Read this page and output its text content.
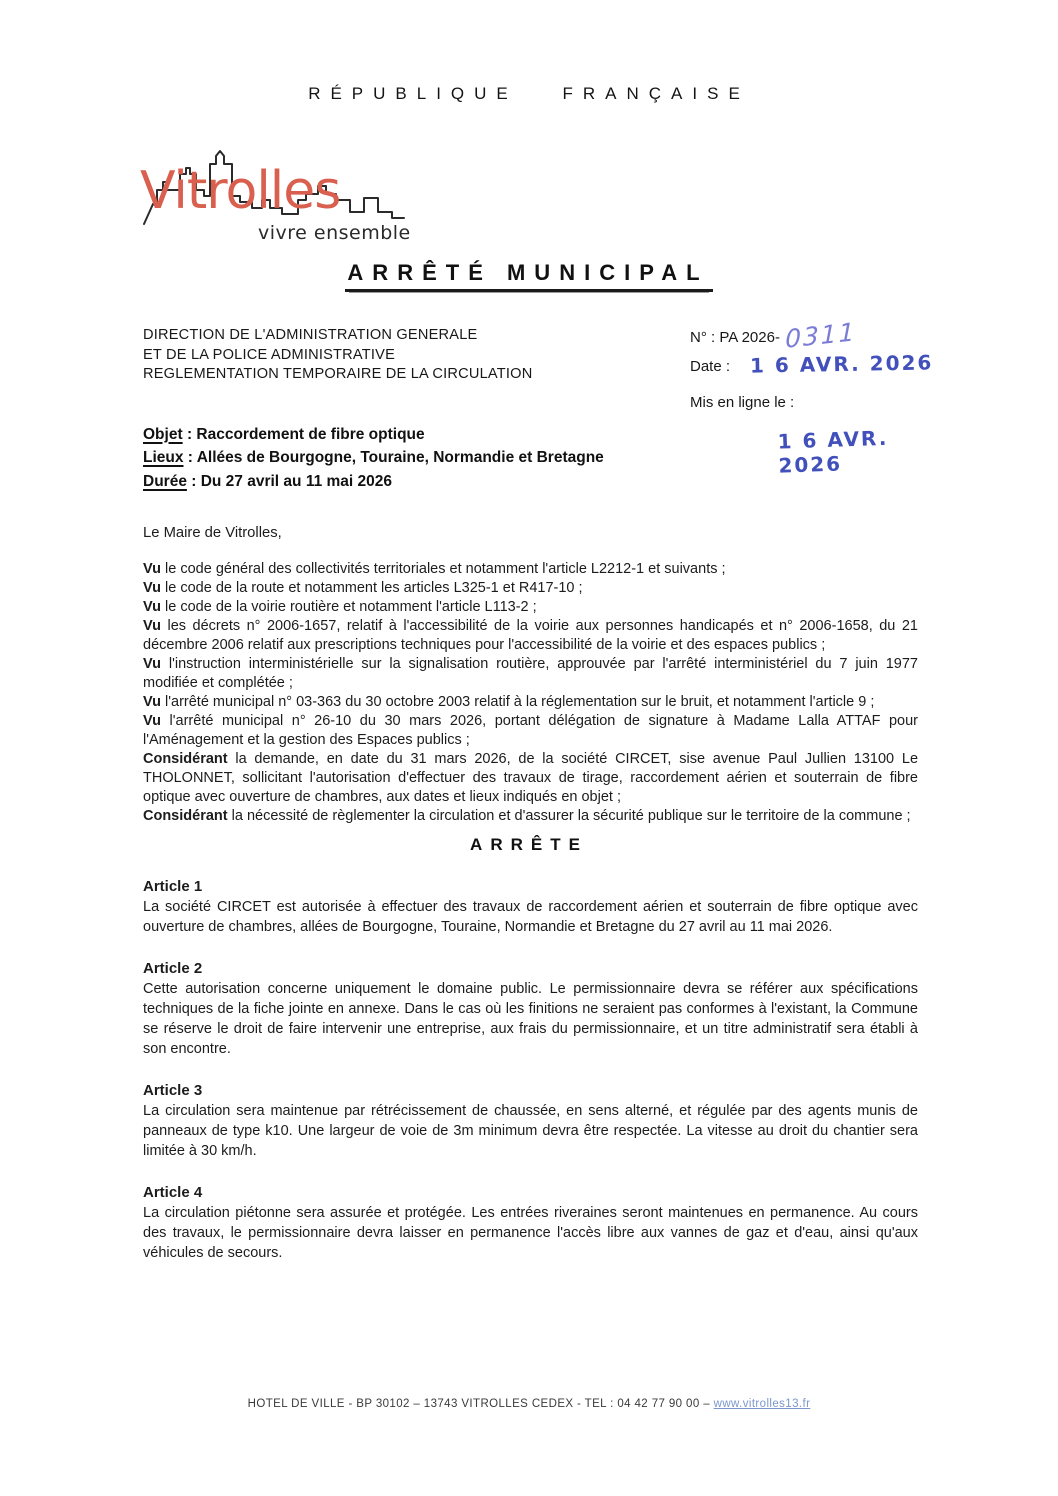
RÉPUBLIQUE FRANÇAISE
Vitrolles
vivre ensemble
ARRÊTÉ MUNICIPAL
DIRECTION DE L'ADMINISTRATION GENERALE
ET DE LA POLICE ADMINISTRATIVE
REGLEMENTATION TEMPORAIRE DE LA CIRCULATION
N° : PA 2026- 0311
Date : 1 6 AVR. 2026
Mis en ligne le :
1 6 AVR. 2026
Objet : Raccordement de fibre optique
Lieux : Allées de Bourgogne, Touraine, Normandie et Bretagne
Durée : Du 27 avril au 11 mai 2026

Le Maire de Vitrolles,

Vu le code général des collectivités territoriales et notamment l'article L2212-1 et suivants ;

Vu le code de la route et notamment les articles L325-1 et R417-10 ;

Vu le code de la voirie routière et notamment l'article L113-2 ;

Vu les décrets n° 2006-1657, relatif à l'accessibilité de la voirie aux personnes handicapés et n° 2006-1658, du 21 décembre 2006 relatif aux prescriptions techniques pour l'accessibilité de la voirie et des espaces publics ;

Vu l'instruction interministérielle sur la signalisation routière, approuvée par l'arrêté interministériel du 7 juin 1977 modifiée et complétée ;

Vu l'arrêté municipal n° 03-363 du 30 octobre 2003 relatif à la réglementation sur le bruit, et notamment l'article 9 ;

Vu l'arrêté municipal n° 26-10 du 30 mars 2026, portant délégation de signature à Madame Lalla ATTAF pour l'Aménagement et la gestion des Espaces publics ;

Considérant la demande, en date du 31 mars 2026, de la société CIRCET, sise avenue Paul Jullien 13100 Le THOLONNET, sollicitant l'autorisation d'effectuer des travaux de tirage, raccordement aérien et souterrain de fibre optique avec ouverture de chambres, aux dates et lieux indiqués en objet ;

Considérant la nécessité de règlementer la circulation et d'assurer la sécurité publique sur le territoire de la commune ;

ARRÊTE
Article 1

La société CIRCET est autorisée à effectuer des travaux de raccordement aérien et souterrain de fibre optique avec ouverture de chambres, allées de Bourgogne, Touraine, Normandie et Bretagne du 27 avril au 11 mai 2026.

Article 2

Cette autorisation concerne uniquement le domaine public. Le permissionnaire devra se référer aux spécifications techniques de la fiche jointe en annexe. Dans le cas où les finitions ne seraient pas conformes à l'existant, la Commune se réserve le droit de faire intervenir une entreprise, aux frais du permissionnaire, et un titre administratif sera établi à son encontre.

Article 3

La circulation sera maintenue par rétrécissement de chaussée, en sens alterné, et régulée par des agents munis de panneaux de type k10. Une largeur de voie de 3m minimum devra être respectée. La vitesse au droit du chantier sera limitée à 30 km/h.

Article 4

La circulation piétonne sera assurée et protégée. Les entrées riveraines seront maintenues en permanence. Au cours des travaux, le permissionnaire devra laisser en permanence l'accès libre aux vannes de gaz et d'eau, ainsi qu'aux véhicules de secours.

HOTEL DE VILLE - BP 30102 – 13743 VITROLLES CEDEX - TEL : 04 42 77 90 00 – www.vitrolles13.fr
